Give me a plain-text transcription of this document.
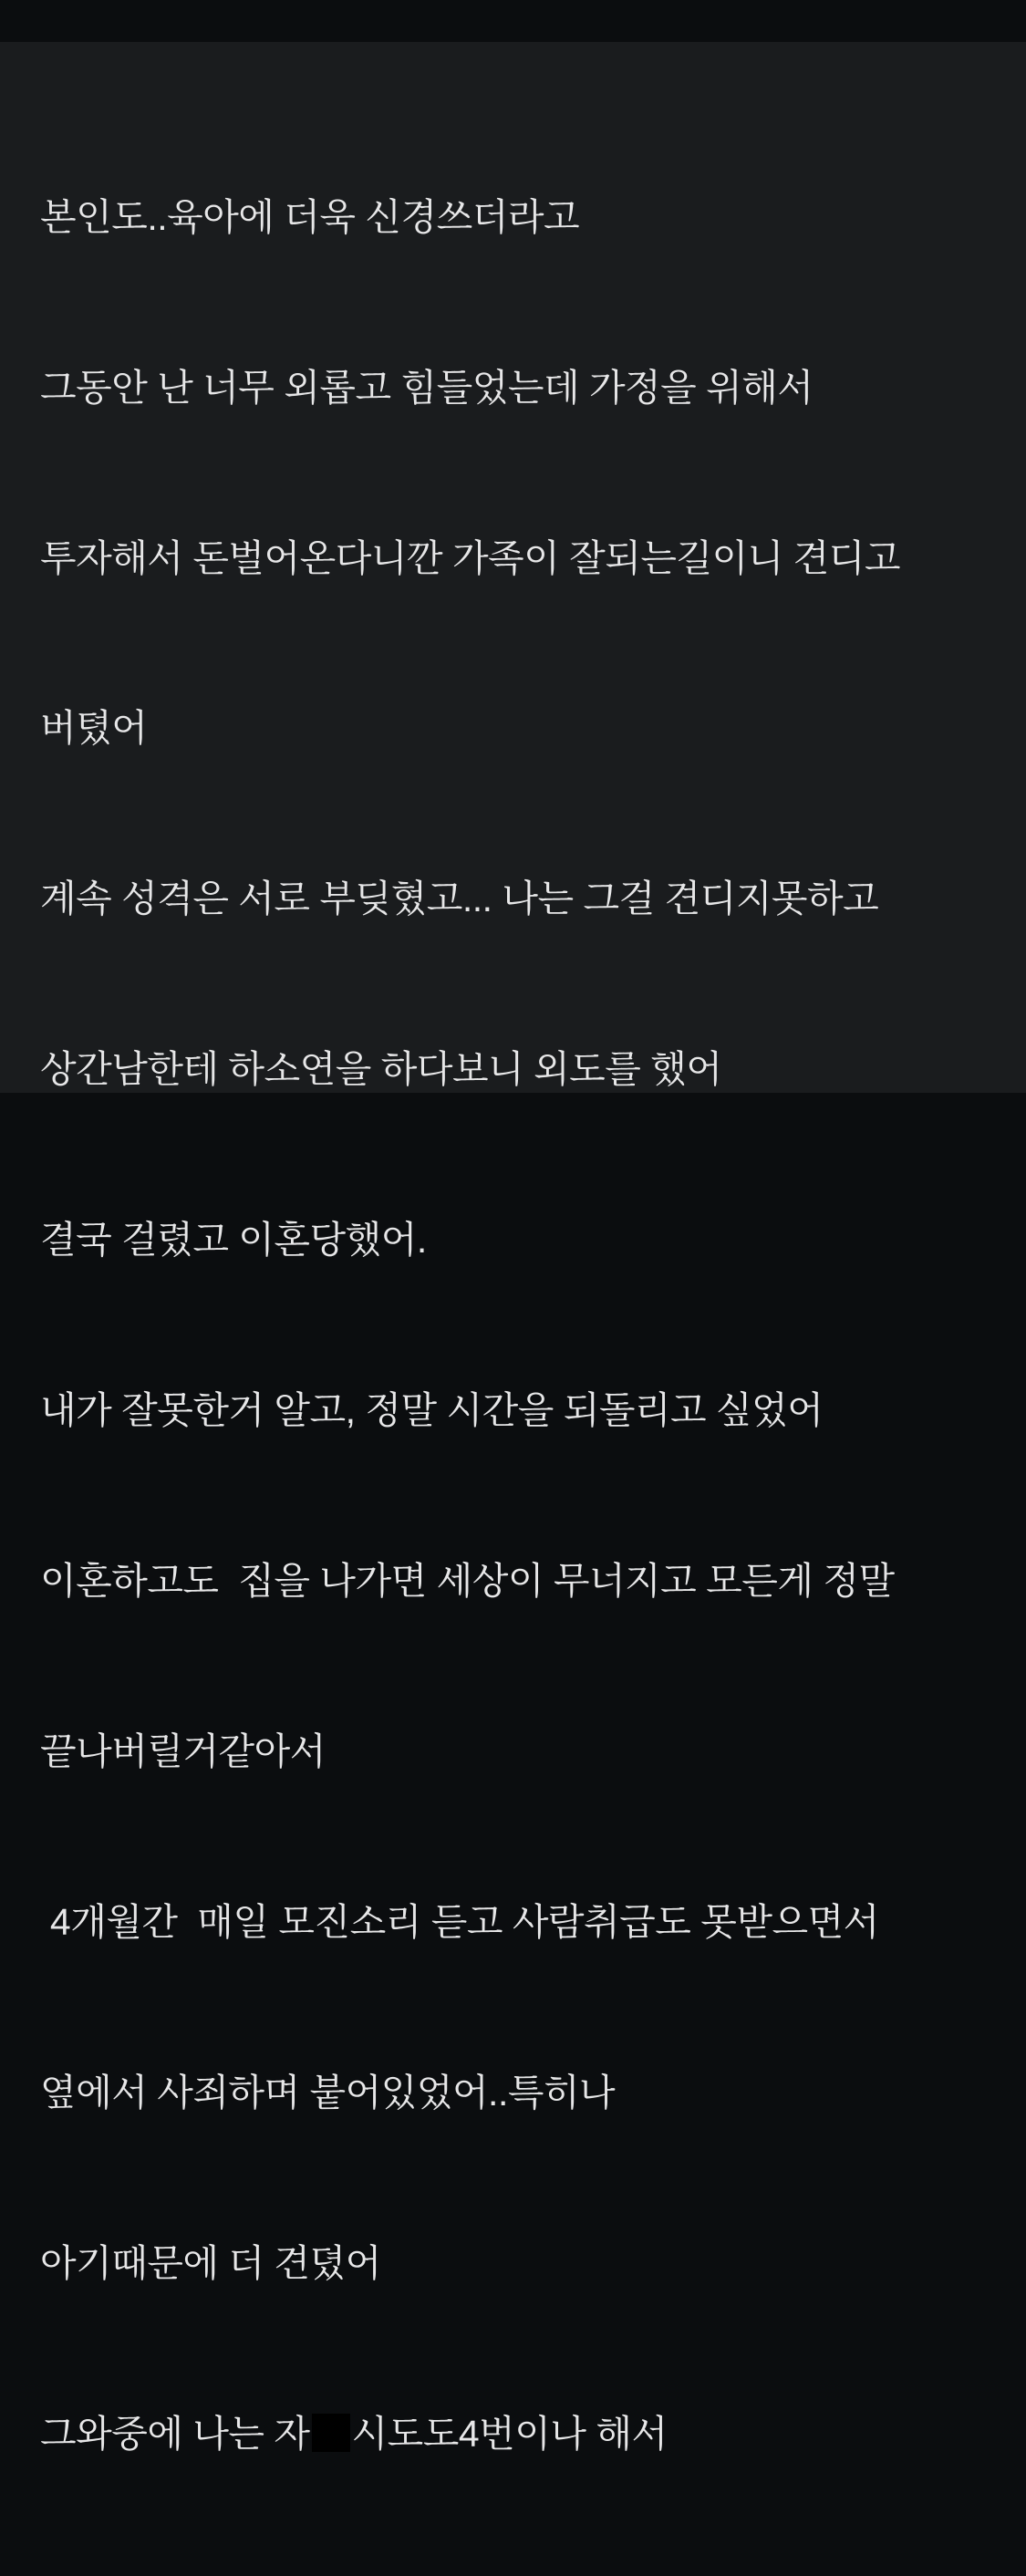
본인도..육아에 더욱 신경쓰더라고

그동안 난 너무 외롭고 힘들었는데 가정을 위해서

투자해서 돈벌어온다니깐 가족이 잘되는길이니 견디고

버텼어

계속 성격은 서로 부딪혔고... 나는 그걸 견디지못하고

상간남한테 하소연을 하다보니 외도를 했어

결국 걸렸고 이혼당했어.

내가 잘못한거 알고, 정말 시간을 되돌리고 싶었어

이혼하고도  집을 나가면 세상이 무너지고 모든게 정말

끝나버릴거같아서

4개월간  매일 모진소리 듣고 사람취급도 못받으면서

옆에서 사죄하며 붙어있었어..특히나

아기때문에 더 견뎠어

그와중에 나는 자 시도도4번이나 해서
